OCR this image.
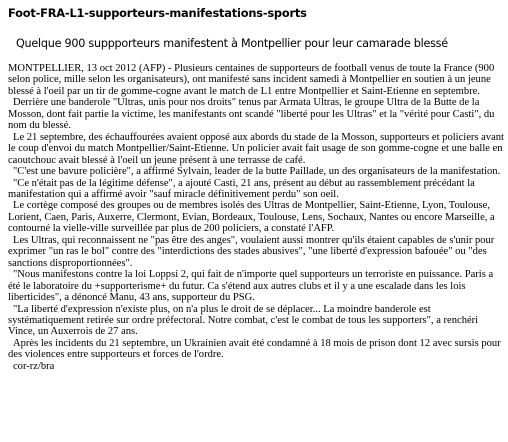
Foot-FRA-L1-supporteurs-manifestations-sports
Quelque 900 suppporteurs manifestent à Montpellier pour leur camarade blessé

MONTPELLIER, 13 oct 2012 (AFP) - Plusieurs centaines de supporteurs de football venus de toute la France (900 selon police, mille selon les organisateurs), ont manifesté sans incident samedi à Montpellier en soutien à un jeune blessé à l'oeil par un tir de gomme-cogne avant le match de L1 entre Montpellier et Saint-Etienne en septembre.

Derrière une banderole "Ultras, unis pour nos droits" tenus par Armata Ultras, le groupe Ultra de la Butte de la Mosson, dont fait partie la victime, les manifestants ont scandé "liberté pour les Ultras" et la "vérité pour Casti", du nom du blessé.

Le 21 septembre, des échauffourées avaient opposé aux abords du stade de la Mosson, supporteurs et policiers avant le coup d'envoi du match Montpellier/Saint-Etienne. Un policier avait fait usage de son gomme-cogne et une balle en caoutchouc avait blessé à l'oeil un jeune présent à une terrasse de café.

"C'est une bavure policière", a affirmé Sylvain, leader de la butte Paillade, un des organisateurs de la manifestation.

"Ce n'était pas de la légitime défense", a ajouté Casti, 21 ans, présent au début au rassemblement précédant la manifestation qui a affirmé avoir "sauf miracle définitivement perdu" son oeil.

Le cortège composé des groupes ou de membres isolés des Ultras de Montpellier, Saint-Etienne, Lyon, Toulouse, Lorient, Caen, Paris, Auxerre, Clermont, Evian, Bordeaux, Toulouse, Lens, Sochaux, Nantes ou encore Marseille, a contourné la vielle-ville surveillée par plus de 200 policiers, a constaté l'AFP.

Les Ultras, qui reconnaissent ne "pas être des anges", voulaient aussi montrer qu'ils étaient capables de s'unir pour exprimer "un ras le bol" contre des "interdictions des stades abusives", "une liberté d'expression bafouée" ou "des sanctions disproportionnées".

"Nous manifestons contre la loi Loppsi 2, qui fait de n'importe quel supporteurs un terroriste en puissance. Paris a été le laboratoire du +supporterisme+ du futur. Ca s'étend aux autres clubs et il y a une escalade dans les lois liberticides", a dénoncé Manu, 43 ans, supporteur du PSG.

"La liberté d'expression n'existe plus, on n'a plus le droit de se déplacer... La moindre banderole est systématiquement retirée sur ordre préfectoral. Notre combat, c'est le combat de tous les supporters", a renchéri Vince, un Auxerrois de 27 ans.

Après les incidents du 21 septembre, un Ukrainien avait été condamné à 18 mois de prison dont 12 avec sursis pour des violences entre supporteurs et forces de l'ordre.

cor-rz/bra
